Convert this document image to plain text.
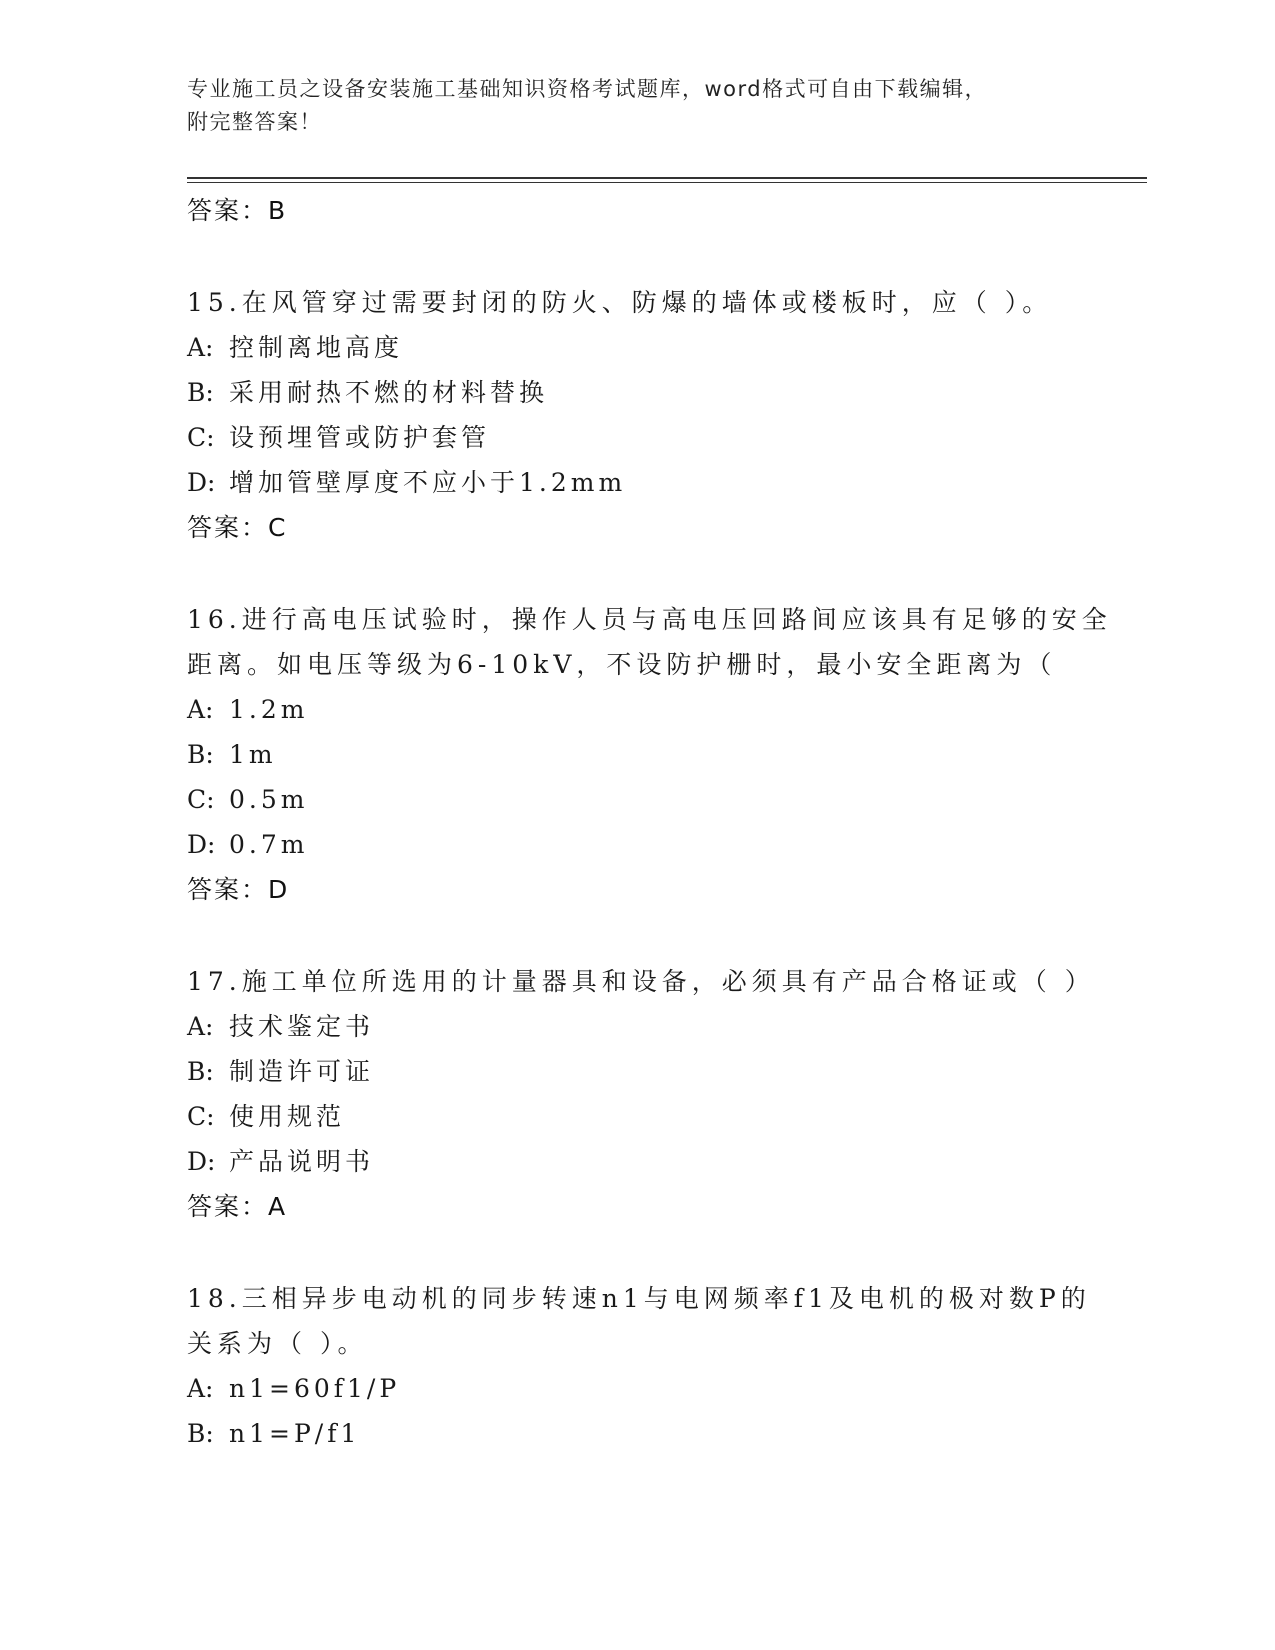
专业施工员之设备安装施工基础知识资格考试题库，word格式可自由下载编辑，
附完整答案！
答案：B
15.在风管穿过需要封闭的防火、防爆的墙体或楼板时，应（ ）。
A: 控制离地高度
B: 采用耐热不燃的材料替换
C: 设预埋管或防护套管
D: 增加管壁厚度不应小于1.2mm
答案：C
16.进行高电压试验时，操作人员与高电压回路间应该具有足够的安全
距离。如电压等级为6-10kV，不设防护栅时，最小安全距离为（
A: 1.2m
B: 1m
C: 0.5m
D: 0.7m
答案：D
17.施工单位所选用的计量器具和设备，必须具有产品合格证或（ ）
A: 技术鉴定书
B: 制造许可证
C: 使用规范
D: 产品说明书
答案：A
18.三相异步电动机的同步转速n1与电网频率f1及电机的极对数P的
关系为（ ）。
A: n1=60f1/P
B: n1=P/f1
